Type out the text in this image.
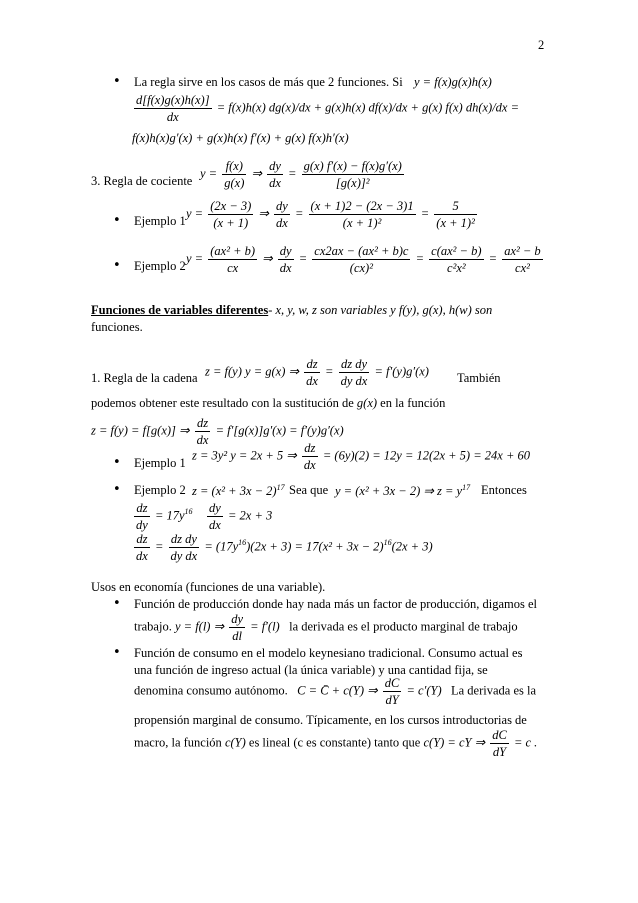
2
• La regla sirve en los casos de más que 2 funciones. Si y = f(x)g(x)h(x)
$\frac{d[f(x)g(x)h(x)]}{dx} = f(x)h(x) dg(x)/dx + g(x)h(x) df(x)/dx + g(x)$ f(x) dh(x)/dx =
f(x)h(x)g′(x) + g(x)h(x) f′(x) + g(x) f(x)h′(x)
3. Regla de cociente
$y = \frac{f(x)}{g(x)}$ ⇒ $\frac{dy}{dx} = \frac{g(x) f'(x) - f(x)g'(x)}{\text{[g(x)]²}}$
• Ejemplo 1
$y = \frac{(2x - 3)}{(x + 1)}$ ⇒ $\frac{dy}{dx} = \frac{(x + 1)2 - (2x - 3)1}{\text{(x + 1)²}} = \frac{5}{\text{(x + 1)²}}$
• Ejemplo 2
$y = \frac{\text{(ax² + b)}}{cx}$ ⇒ $\frac{dy}{dx} = \frac{\text{cx2ax − (ax² + b)c}}{\text{(cx)²}} = \frac{\text{c(ax² − b)}}{\text{c²x²}} = \frac{\text{ax² − b}}{\text{cx²}}$
Funciones de variables diferentes- x, y, w, z son variables y f(y), g(x), h(w) son
funciones.
1. Regla de la cadena z = f(y) y = g(x) ⇒ $\frac{dz}{dx} = \frac{\text{dz dy}}{\text{dy dx}} = f'(y)g'(x)$ También
podemos obtener este resultado con la sustitución de g(x) en la función
z = f(y) = f[g(x)] ⇒ $\frac{dz}{dx} = f'[g(x)]g'(x) = f'(y)g'(x)$
• Ejemplo 1
z = 3y² y = 2x + 5 ⇒ $\frac{dz}{dx} = (6y)(2) = 12y = 12(2x + 5) = 24x + 60$
• Ejemplo 2 $z = (x^2 + 3x - 2)^{17}$ Sea que y = (x² + 3x − 2) ⇒ $z = y^{17}$ Entonces
$\frac{dz}{dy} = 17y^{16} \frac{dy}{dx} = 2x + 3$
$\frac{dz}{dx} = \frac{\text{dz dy}}{\text{dy dx}} = (17y^{16})(2x + 3) = 17(x^2 + 3x - 2)^{16}(2x + 3)$
Usos en economía (funciones de una variable).
• Función de producción donde hay nada más un factor de producción, digamos el
trabajo. y = f(l) ⇒ $\frac{dy}{dl} = f'(l)$ la derivada es el producto marginal de trabajo
• Función de consumo en el modelo keynesiano tradicional. Consumo actual es
una función de ingreso actual (la única variable) y una cantidad fija, se
denomina consumo autónomo. C = C̄ + c(Y) ⇒ $\frac{dC}{dY} = c'(Y)$ La derivada es la
propensión marginal de consumo. Típicamente, en los cursos introductorias de
macro, la función c(Y) es lineal (c es constante) tanto que c(Y) = cY ⇒ $\frac{dC}{dY} = c$ .
